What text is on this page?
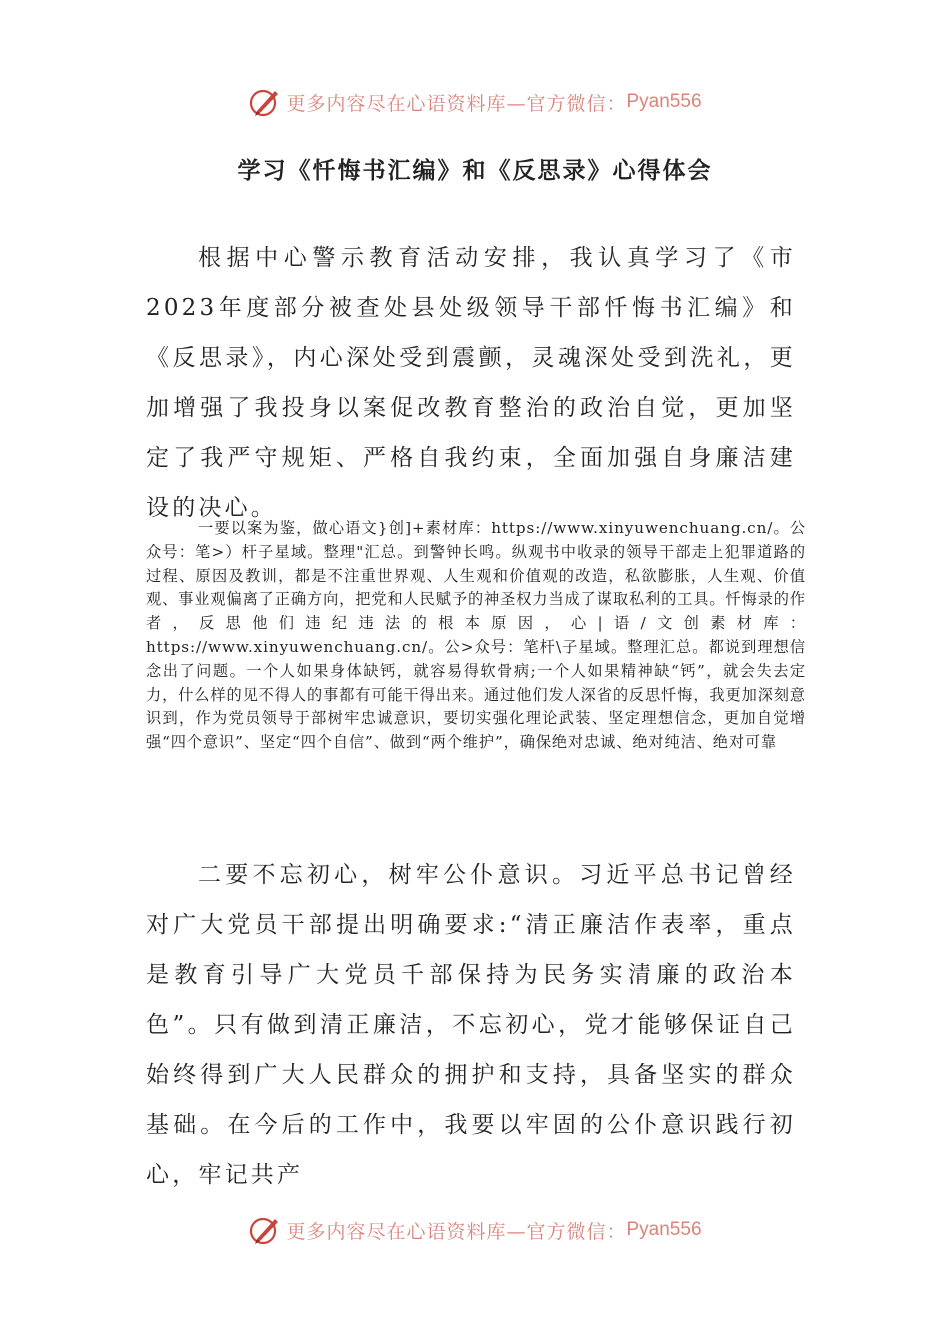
更多内容尽在心语资料库—官方微信： Pyan556
学习《忏悔书汇编》和《反思录》心得体会

根据中心警示教育活动安排，我认真学习了《市2023年度部分被查处县处级领导干部忏悔书汇编》和《反思录》，内心深处受到震颤，灵魂深处受到洗礼，更加增强了我投身以案促改教育整治的政治自觉，更加坚定了我严守规矩、严格自我约束，全面加强自身廉洁建设的决心。

一要以案为鉴，做心语文}创]+素材库：https://www.xinyuwenchuang.cn/。公众号：笔>）杆子星域。整理"汇总。到警钟长鸣。纵观书中收录的领导干部走上犯罪道路的过程、原因及教训，都是不注重世界观、人生观和价值观的改造，私欲膨胀，人生观、价值观、事业观偏离了正确方向，把党和人民赋予的神圣权力当成了谋取私利的工具。忏悔录的作者，反思他们违纪违法的根本原因，心|语/文创素材库：https://www.xinyuwenchuang.cn/。公>众号：笔杆\子星域。整理汇总。都说到理想信念出了问题。一个人如果身体缺钙，就容易得软骨病;一个人如果精神缺“钙”，就会失去定力，什么样的见不得人的事都有可能干得出来。通过他们发人深省的反思忏悔，我更加深刻意识到，作为党员领导于部树牢忠诚意识，要切实强化理论武装、坚定理想信念，更加自觉增强“四个意识”、坚定“四个自信”、做到“两个维护”，确保绝对忠诚、绝对纯洁、绝对可靠

二要不忘初心，树牢公仆意识。习近平总书记曾经对广大党员干部提出明确要求:“清正廉洁作表率，重点是教育引导广大党员千部保持为民务实清廉的政治本色”。只有做到清正廉洁，不忘初心，党才能够保证自己始终得到广大人民群众的拥护和支持，具备坚实的群众基础。在今后的工作中，我要以牢固的公仆意识践行初心，牢记共产

更多内容尽在心语资料库—官方微信： Pyan556
